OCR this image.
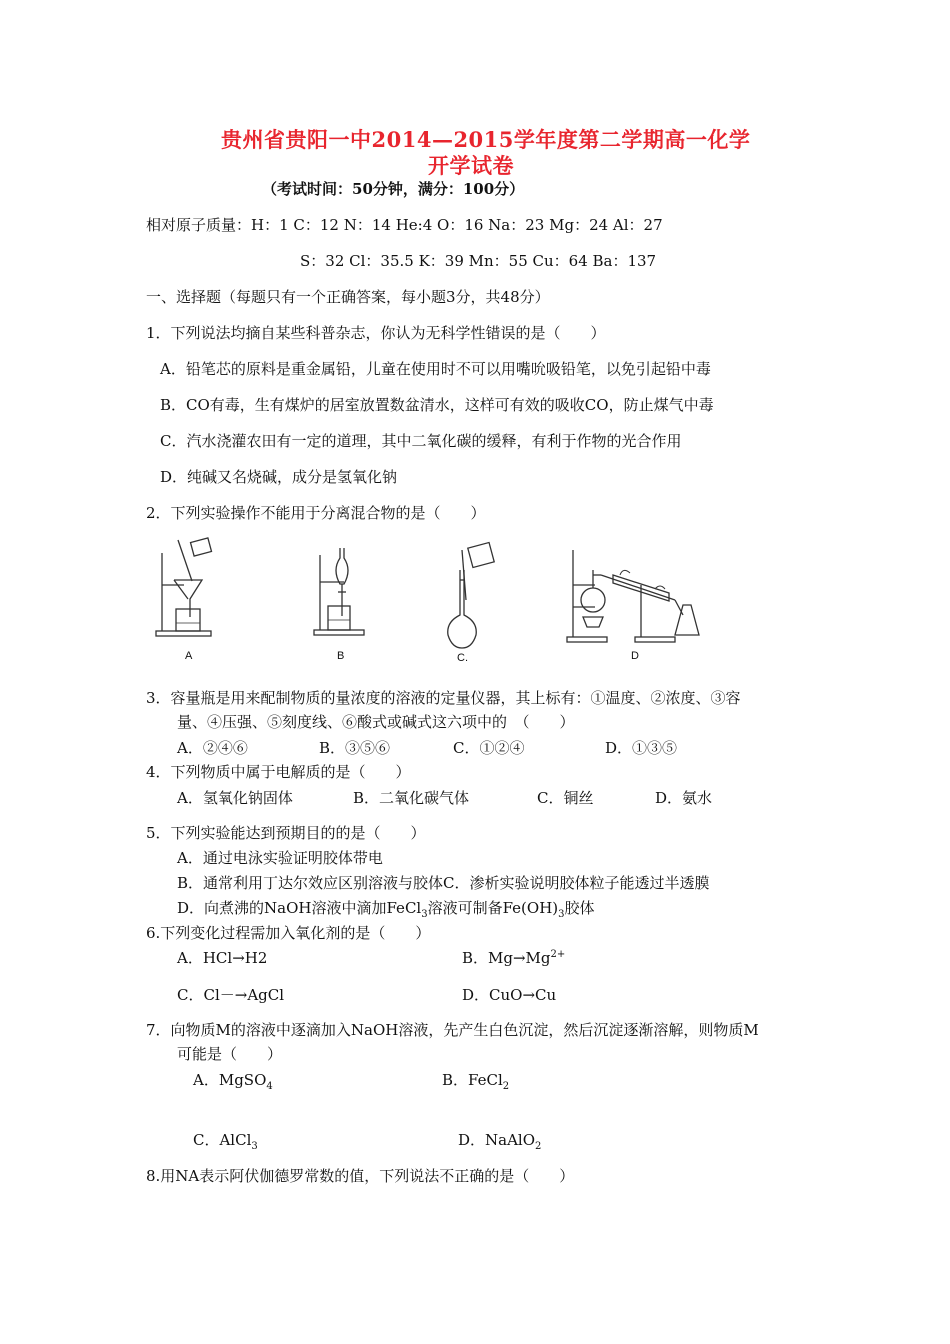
贵州省贵阳一中2014—2015学年度第二学期高一化学
开学试卷
（考试时间：50分钟，满分：100分）
相对原子质量：H：1 C：12 N：14 He:4 O：16 Na：23 Mg：24 Al：27
S：32 Cl：35.5 K：39 Mn：55 Cu：64 Ba：137
一、选择题（每题只有一个正确答案，每小题3分，共48分）
1．下列说法均摘自某些科普杂志，你认为无科学性错误的是（　　）
A．铅笔芯的原料是重金属铅，儿童在使用时不可以用嘴吮吸铅笔，以免引起铅中毒
B．CO有毒，生有煤炉的居室放置数盆清水，这样可有效的吸收CO，防止煤气中毒
C．汽水浇灌农田有一定的道理，其中二氧化碳的缓释，有利于作物的光合作用
D．纯碱又名烧碱，成分是氢氧化钠
2．下列实验操作不能用于分离混合物的是（　　）
A	B	C.	D
3．容量瓶是用来配制物质的量浓度的溶液的定量仪器，其上标有：①温度、②浓度、③容
量、④压强、⑤刻度线、⑥酸式或碱式这六项中的　（　　）
A．②④⑥	B．③⑤⑥	C．①②④	D．①③⑤
4．下列物质中属于电解质的是（　　）
A．氢氧化钠固体	B．二氧化碳气体	C．铜丝	D．氨水
5．下列实验能达到预期目的的是（　　）
A．通过电泳实验证明胶体带电
B．通常利用丁达尔效应区别溶液与胶体C．渗析实验说明胶体粒子能透过半透膜
D．向煮沸的NaOH溶液中滴加FeCl$_3$溶液可制备$Fe(OH)_3$胶体
6.下列变化过程需加入氧化剂的是（　　）
A．HCl→H2	B．$Mg\to Mg^{2+}$
C．Cl－→AgCl	D．CuO→Cu
7．向物质M的溶液中逐滴加入NaOH溶液，先产生白色沉淀，然后沉淀逐渐溶解，则物质M
可能是（　　）
A．MgSO$_4$	B．FeCl$_2$
C．AlCl$_3$	D．NaAlO$_2$
8.用NA表示阿伏伽德罗常数的值，下列说法不正确的是（　　）
